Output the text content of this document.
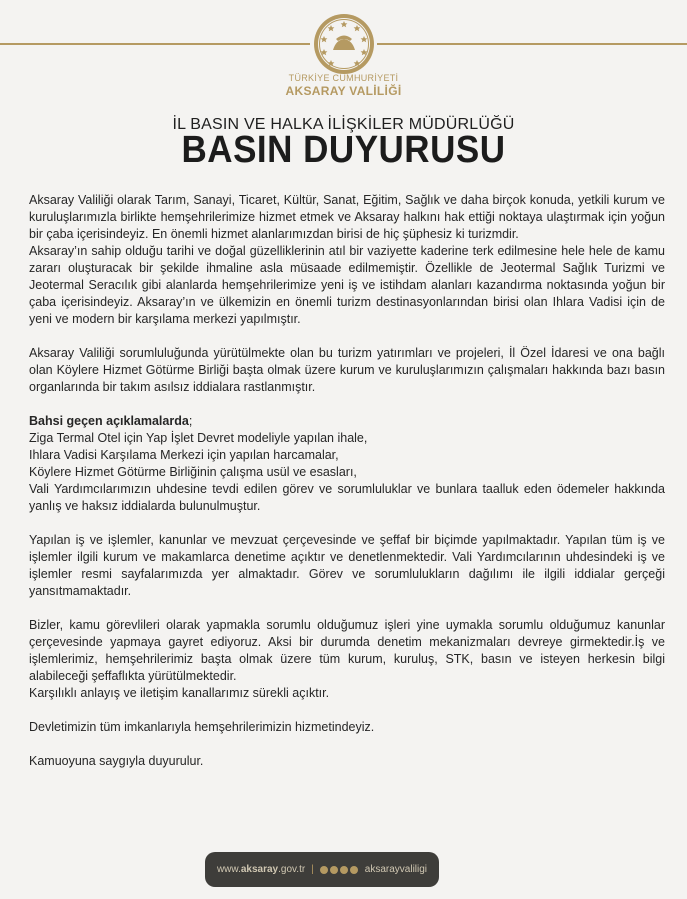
TÜRKİYE CUMHURİYETİ
AKSARAY VALİLİĞİ
İL BASIN VE HALKA İLİŞKİLER MÜDÜRLÜĞÜ
BASIN DUYURUSU

Aksaray Valiliği olarak Tarım, Sanayi, Ticaret, Kültür, Sanat, Eğitim, Sağlık ve daha birçok konuda, yetkili kurum ve kuruluşlarımızla birlikte hemşehrilerimize hizmet etmek ve Aksaray halkını hak ettiği noktaya ulaştırmak için yoğun bir çaba içerisindeyiz. En önemli hizmet alanlarımızdan birisi de hiç şüphesiz ki turizmdir.

Aksaray’ın sahip olduğu tarihi ve doğal güzelliklerinin atıl bir vaziyette kaderine terk edilmesine hele hele de kamu zararı oluşturacak bir şekilde ihmaline asla müsaade edilmemiştir. Özellikle de Jeotermal Sağlık Turizmi ve Jeotermal Seracılık gibi alanlarda hemşehrilerimize yeni iş ve istihdam alanları kazandırma noktasında yoğun bir çaba içerisindeyiz. Aksaray’ın ve ülkemizin en önemli turizm destinasyonlarından birisi olan Ihlara Vadisi için de yeni ve modern bir karşılama merkezi yapılmıştır.

Aksaray Valiliği sorumluluğunda yürütülmekte olan bu turizm yatırımları ve projeleri, İl Özel İdaresi ve ona bağlı olan Köylere Hizmet Götürme Birliği başta olmak üzere kurum ve kuruluşlarımızın çalışmaları hakkında bazı basın organlarında bir takım asılsız iddialara rastlanmıştır.

Bahsi geçen açıklamalarda;

Ziga Termal Otel için Yap İşlet Devret modeliyle yapılan ihale,

Ihlara Vadisi Karşılama Merkezi için yapılan harcamalar,

Köylere Hizmet Götürme Birliğinin çalışma usül ve esasları,

Vali Yardımcılarımızın uhdesine tevdi edilen görev ve sorumluluklar ve bunlara taalluk eden ödemeler hakkında yanlış ve haksız iddialarda bulunulmuştur.

Yapılan iş ve işlemler, kanunlar ve mevzuat çerçevesinde ve şeffaf bir biçimde yapılmaktadır. Yapılan tüm iş ve işlemler ilgili kurum ve makamlarca denetime açıktır ve denetlenmektedir. Vali Yardımcılarının uhdesindeki iş ve işlemler resmi sayfalarımızda yer almaktadır. Görev ve sorumlulukların dağılımı ile ilgili iddialar gerçeği yansıtmamaktadır.

Bizler, kamu görevlileri olarak yapmakla sorumlu olduğumuz işleri yine uymakla sorumlu olduğumuz kanunlar çerçevesinde yapmaya gayret ediyoruz. Aksi bir durumda denetim mekanizmaları devreye girmektedir.İş ve işlemlerimiz, hemşehrilerimiz başta olmak üzere tüm kurum, kuruluş, STK, basın ve isteyen herkesin bilgi alabileceği şeffaflıkta yürütülmektedir.

Karşılıklı anlayış ve iletişim kanallarımız sürekli açıktır.

Devletimizin tüm imkanlarıyla hemşehrilerimizin hizmetindeyiz.

Kamuoyuna saygıyla duyurulur.

www.aksaray.gov.tr |	aksarayvaliligi
